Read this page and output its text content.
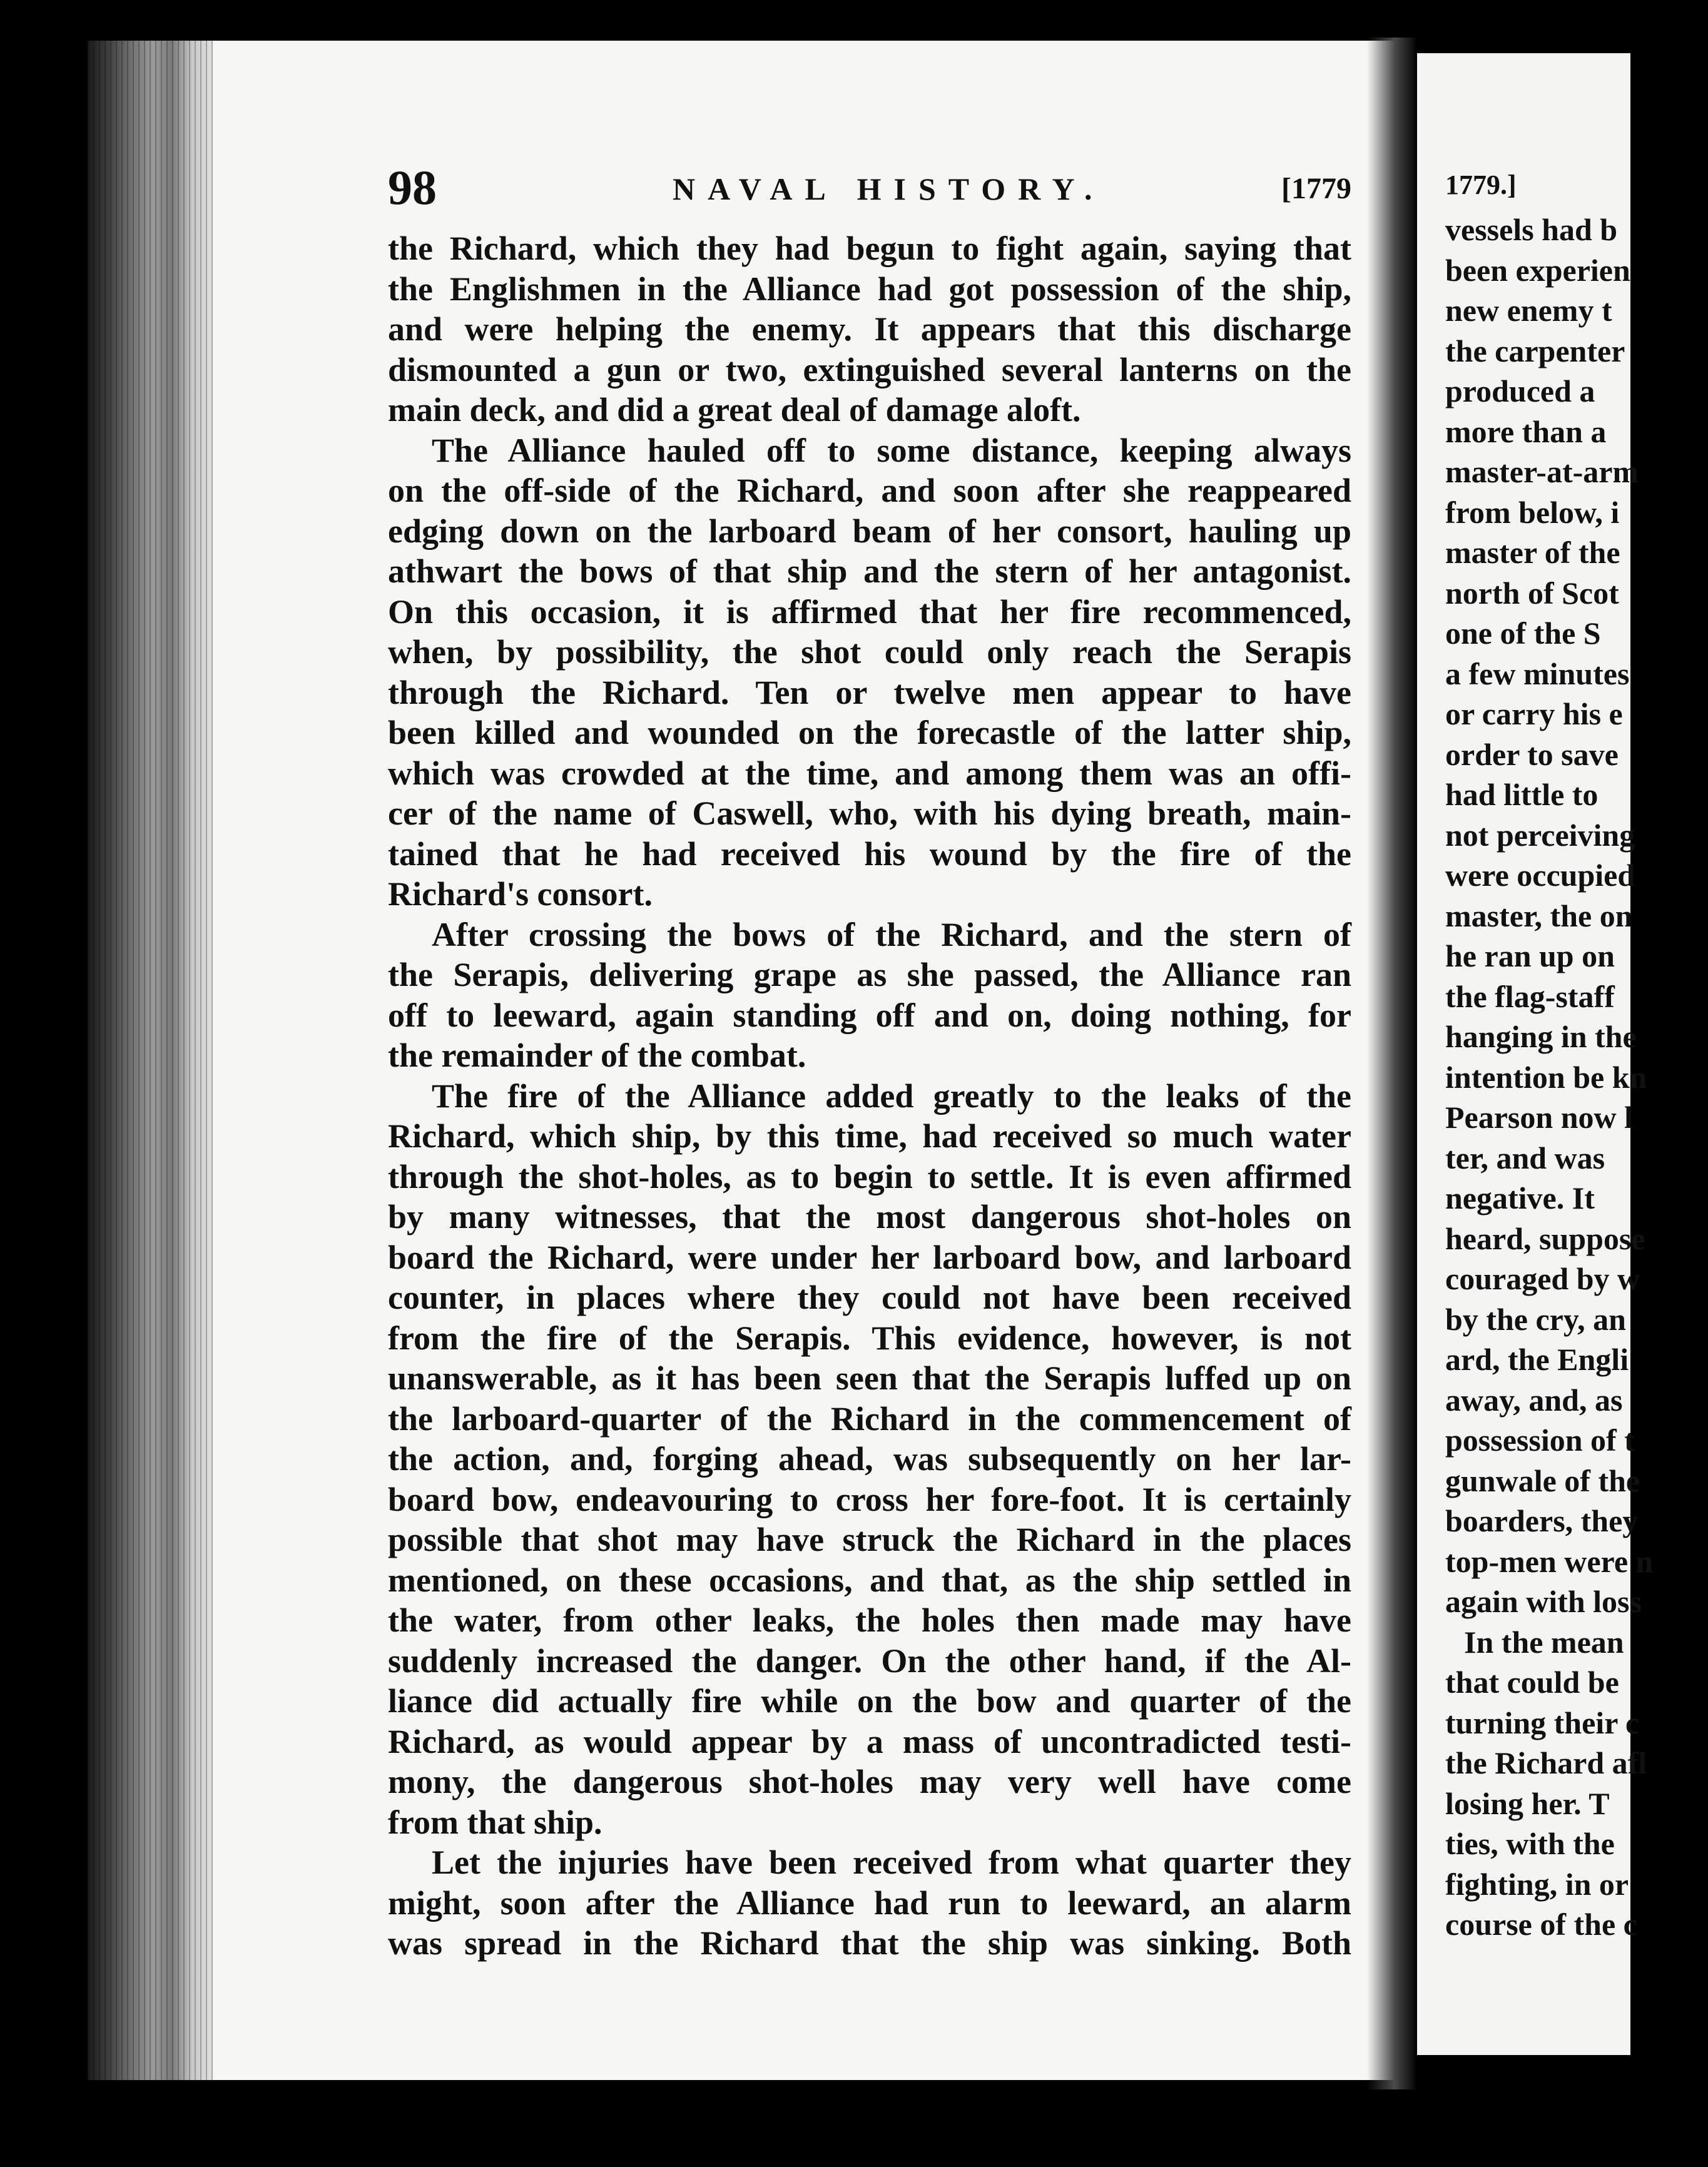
1779.]
vessels had b
been experien
new enemy t
the carpenter
produced a
more than a
master-at-arm
from below, i
master of the
north of Scot
one of the S
a few minutes
or carry his e
order to save
had little to
not perceiving
were occupied
master, the on
he ran up on
the flag-staff
hanging in the
intention be kn
Pearson now l
ter, and was
negative. It
heard, suppose
couraged by w
by the cry, an
ard, the Engli
away, and, as
possession of t
gunwale of the
boarders, they
top-men were n
again with loss
In the mean
that could be
turning their c
the Richard afl
losing her. T
ties, with the
fighting, in or
course of the c
98	NAVAL HISTORY.	[1779
the Richard, which they had begun to fight again, saying that
the Englishmen in the Alliance had got possession of the ship,
and were helping the enemy. It appears that this discharge
dismounted a gun or two, extinguished several lanterns on the
main deck, and did a great deal of damage aloft.
The Alliance hauled off to some distance, keeping always
on the off-side of the Richard, and soon after she reappeared
edging down on the larboard beam of her consort, hauling up
athwart the bows of that ship and the stern of her antagonist.
On this occasion, it is affirmed that her fire recommenced,
when, by possibility, the shot could only reach the Serapis
through the Richard. Ten or twelve men appear to have
been killed and wounded on the forecastle of the latter ship,
which was crowded at the time, and among them was an offi-
cer of the name of Caswell, who, with his dying breath, main-
tained that he had received his wound by the fire of the
Richard's consort.
After crossing the bows of the Richard, and the stern of
the Serapis, delivering grape as she passed, the Alliance ran
off to leeward, again standing off and on, doing nothing, for
the remainder of the combat.
The fire of the Alliance added greatly to the leaks of the
Richard, which ship, by this time, had received so much water
through the shot-holes, as to begin to settle. It is even affirmed
by many witnesses, that the most dangerous shot-holes on
board the Richard, were under her larboard bow, and larboard
counter, in places where they could not have been received
from the fire of the Serapis. This evidence, however, is not
unanswerable, as it has been seen that the Serapis luffed up on
the larboard-quarter of the Richard in the commencement of
the action, and, forging ahead, was subsequently on her lar-
board bow, endeavouring to cross her fore-foot. It is certainly
possible that shot may have struck the Richard in the places
mentioned, on these occasions, and that, as the ship settled in
the water, from other leaks, the holes then made may have
suddenly increased the danger. On the other hand, if the Al-
liance did actually fire while on the bow and quarter of the
Richard, as would appear by a mass of uncontradicted testi-
mony, the dangerous shot-holes may very well have come
from that ship.
Let the injuries have been received from what quarter they
might, soon after the Alliance had run to leeward, an alarm
was spread in the Richard that the ship was sinking. Both
